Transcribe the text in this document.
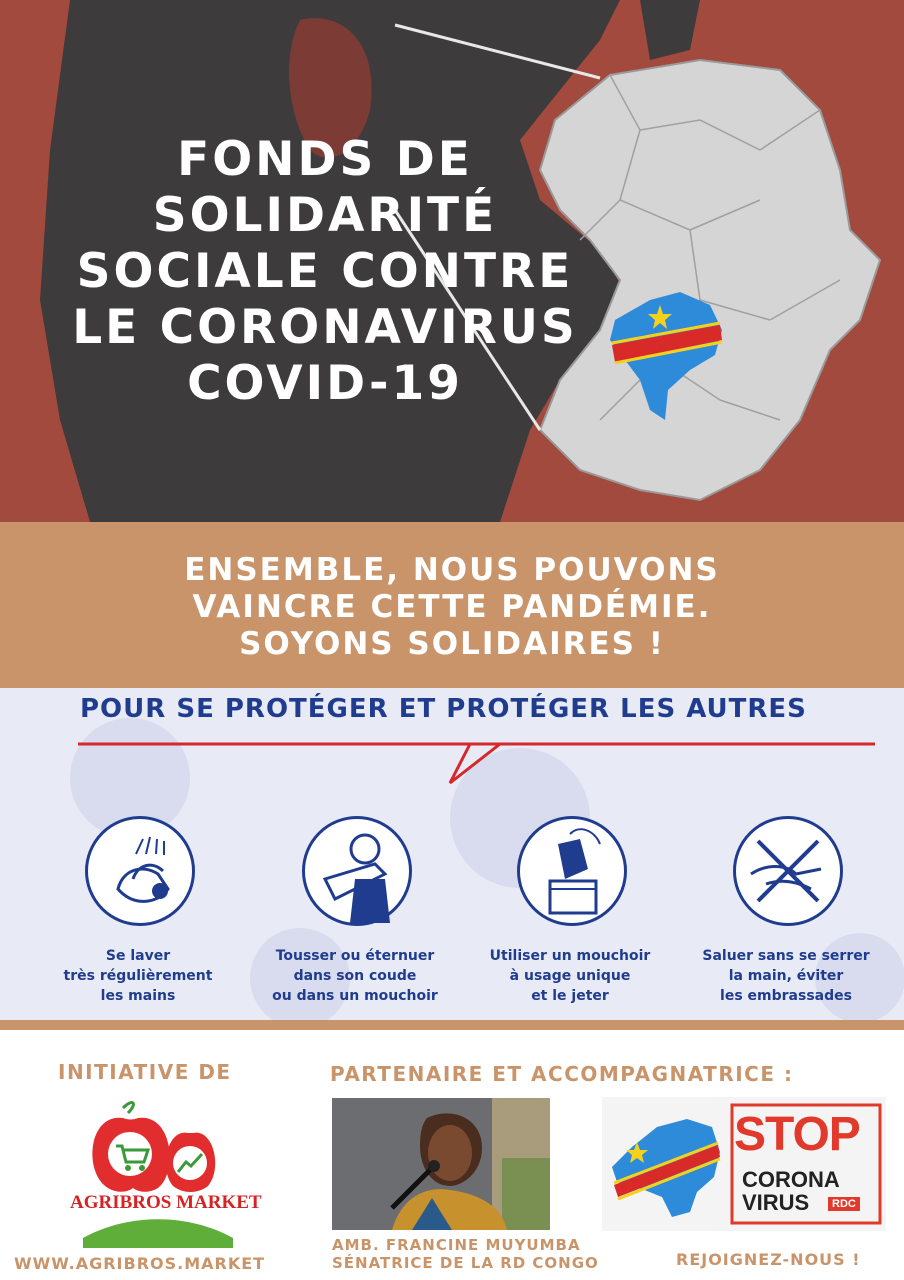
FONDS DE
SOLIDARITÉ
SOCIALE CONTRE
LE CORONAVIRUS
COVID-19
ENSEMBLE, NOUS POUVONS
VAINCRE CETTE PANDÉMIE.
SOYONS SOLIDAIRES !
POUR SE PROTÉGER ET PROTÉGER LES AUTRES
Se laver
très régulièrement
les mains
Tousser ou éternuer
dans son coude
ou dans un mouchoir
Utiliser un mouchoir
à usage unique
et le jeter
Saluer sans se serrer
la main, éviter
les embrassades
INITIATIVE DE
AGRIBROS MARKET
WWW.AGRIBROS.MARKET
PARTENAIRE ET ACCOMPAGNATRICE :
AMB. FRANCINE MUYUMBA
SÉNATRICE DE LA RD CONGO
STOP
CORONA
VIRUS	RDC
REJOIGNEZ-NOUS !
